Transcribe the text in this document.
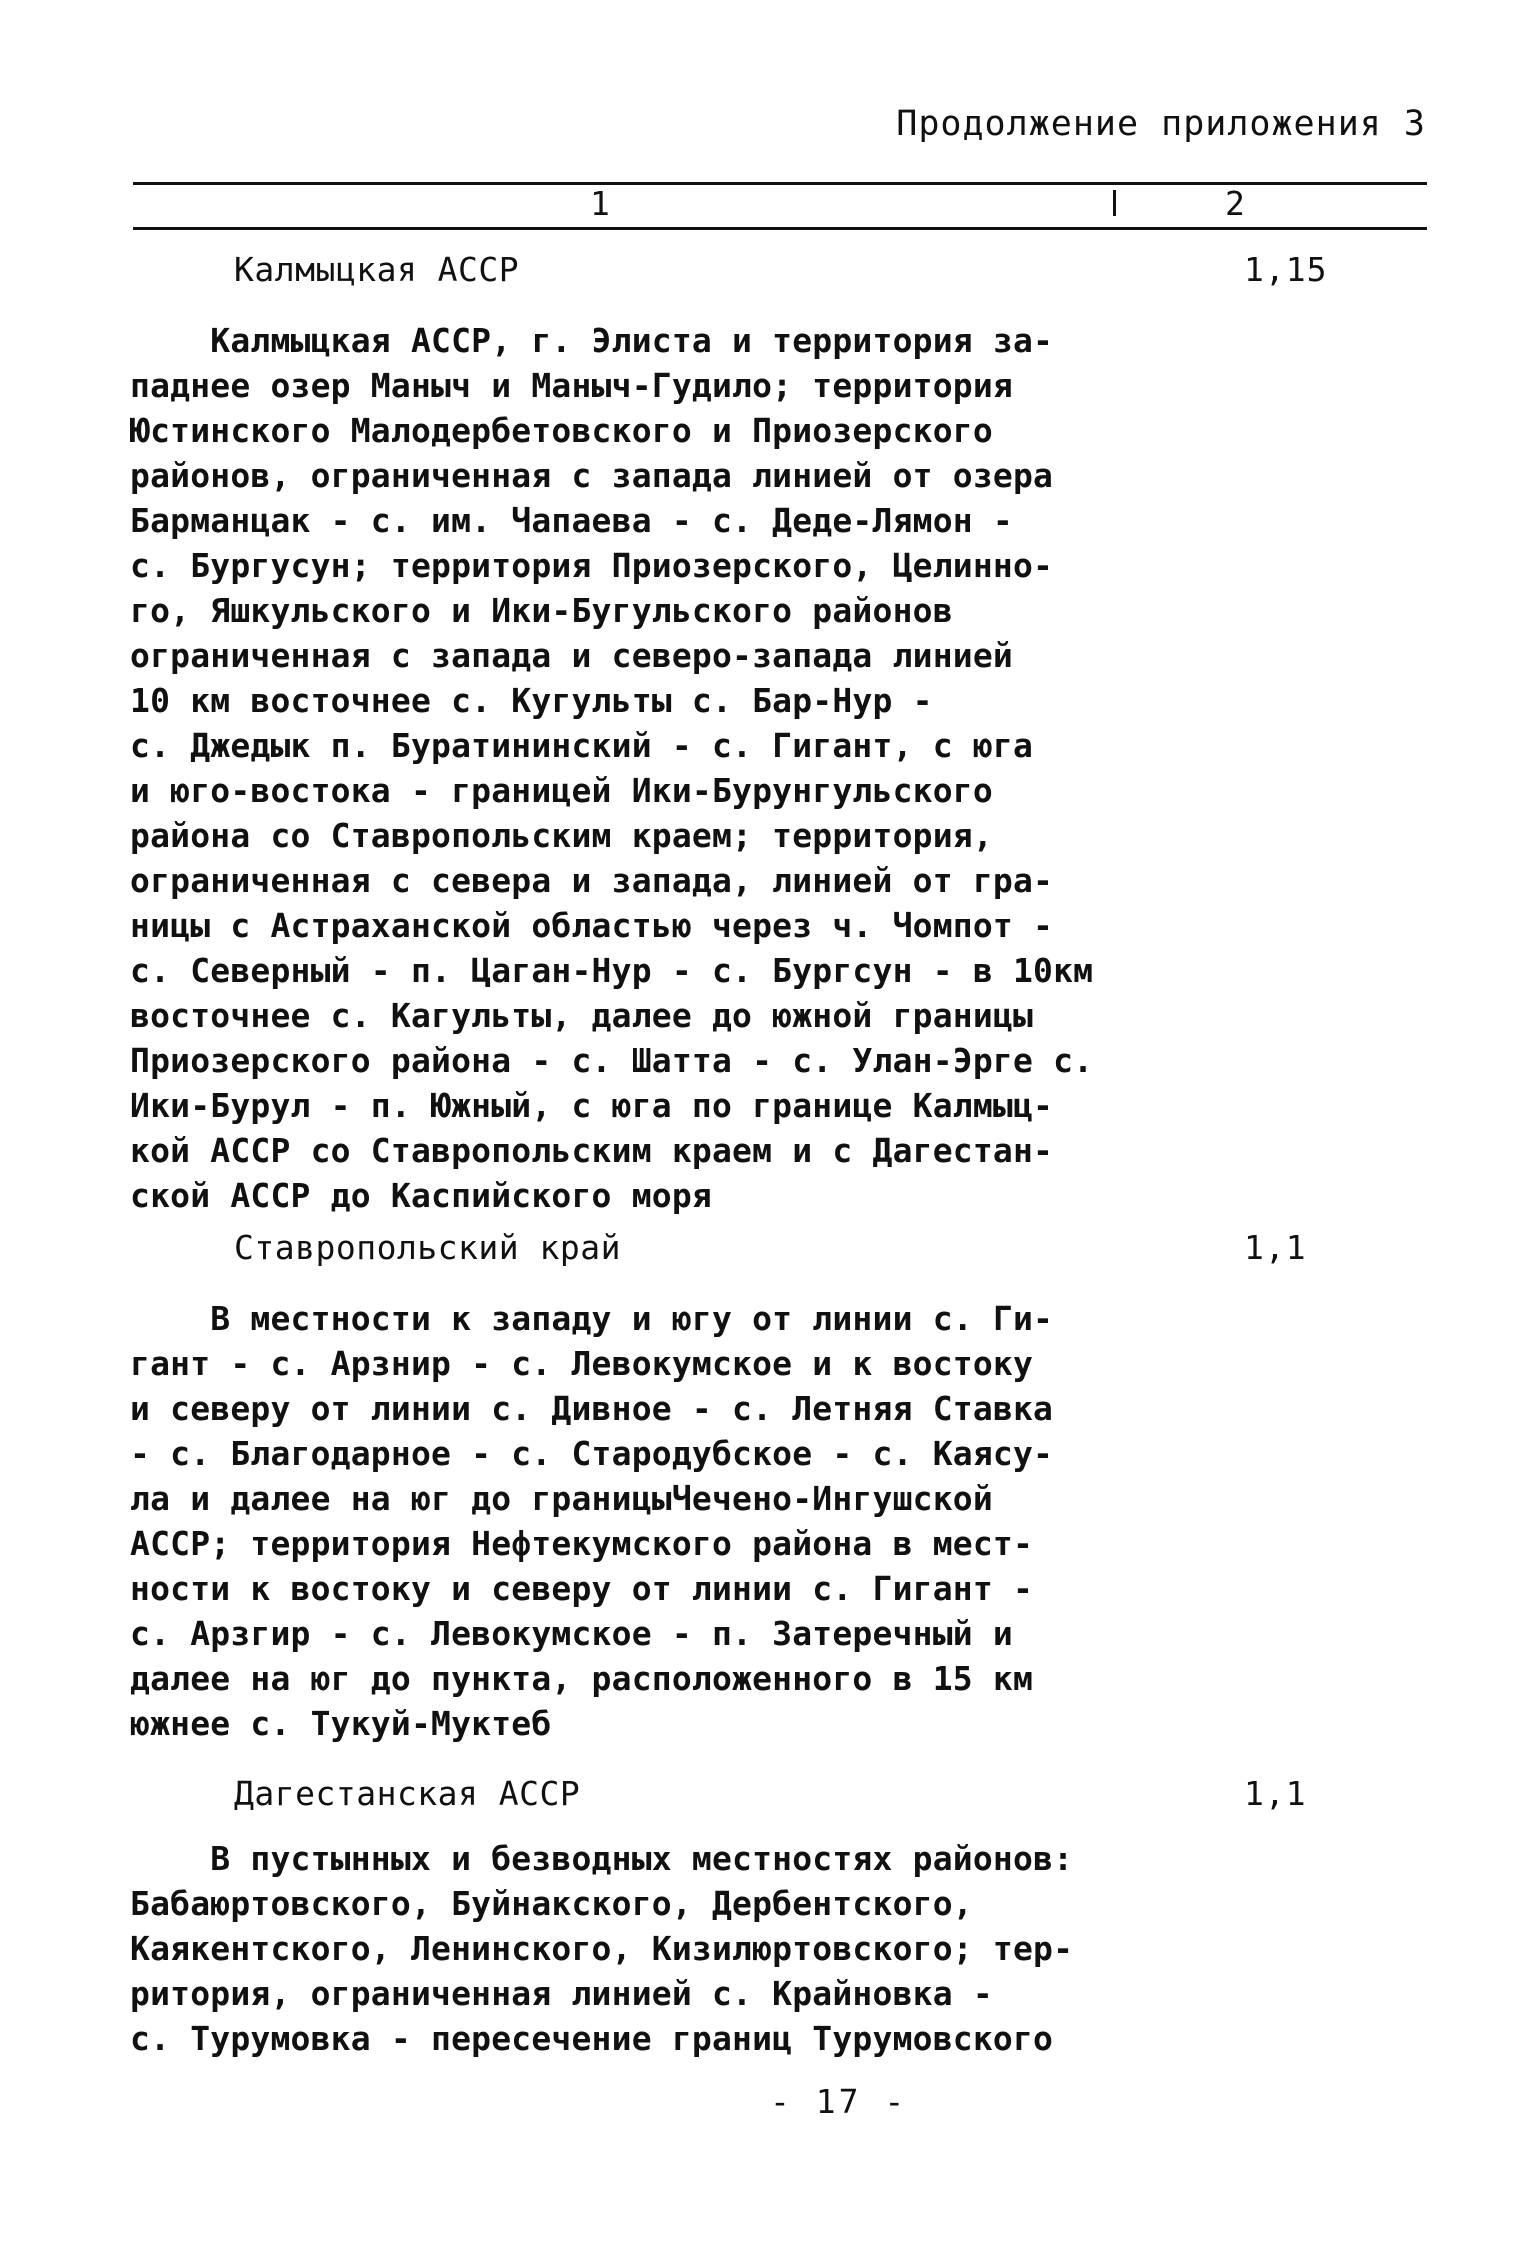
Продолжение приложения 3
1	2
Калмыцкая АССР	1,15
Калмыцкая АССР, г. Элиста и территория за-
паднее озер Маныч и Маныч-Гудило; территория
Юстинского Малодербетовского и Приозерского
районов, ограниченная с запада линией от озера
Барманцак - с. им. Чапаева - с. Деде-Лямон -
с. Бургусун; территория Приозерского, Целинно-
го, Яшкульского и Ики-Бугульского районов
ограниченная с запада и северо-запада линией
10 км восточнее с. Кугульты с. Бар-Нур -
с. Джедык п. Буратининский - с. Гигант, с юга
и юго-востока - границей Ики-Бурунгульского
района со Ставропольским краем; территория,
ограниченная с севера и запада, линией от гра-
ницы с Астраханской областью через ч. Чомпот -
с. Северный - п. Цаган-Нур - с. Бургсун - в 10км
восточнее с. Кагульты, далее до южной границы
Приозерского района - с. Шатта - с. Улан-Эрге с.
Ики-Бурул - п. Южный, с юга по границе Калмыц-
кой АССР со Ставропольским краем и с Дагестан-
ской АССР до Каспийского моря
Ставропольский край	1,1
В местности к западу и югу от линии с. Ги-
гант - с. Арзнир - с. Левокумское и к востоку
и северу от линии с. Дивное - с. Летняя Ставка
- с. Благодарное - с. Стародубское - с. Каясу-
ла и далее на юг до границыЧечено-Ингушской
АССР; территория Нефтекумского района в мест-
ности к востоку и северу от линии с. Гигант -
с. Арзгир - с. Левокумское - п. Затеречный и
далее на юг до пункта, расположенного в 15 км
южнее с. Тукуй-Муктеб
Дагестанская АССР	1,1
В пустынных и безводных местностях районов:
Бабаюртовского, Буйнакского, Дербентского,
Каякентского, Ленинского, Кизилюртовского; тер-
ритория, ограниченная линией с. Крайновка -
с. Турумовка - пересечение границ Турумовского
- 17 -
